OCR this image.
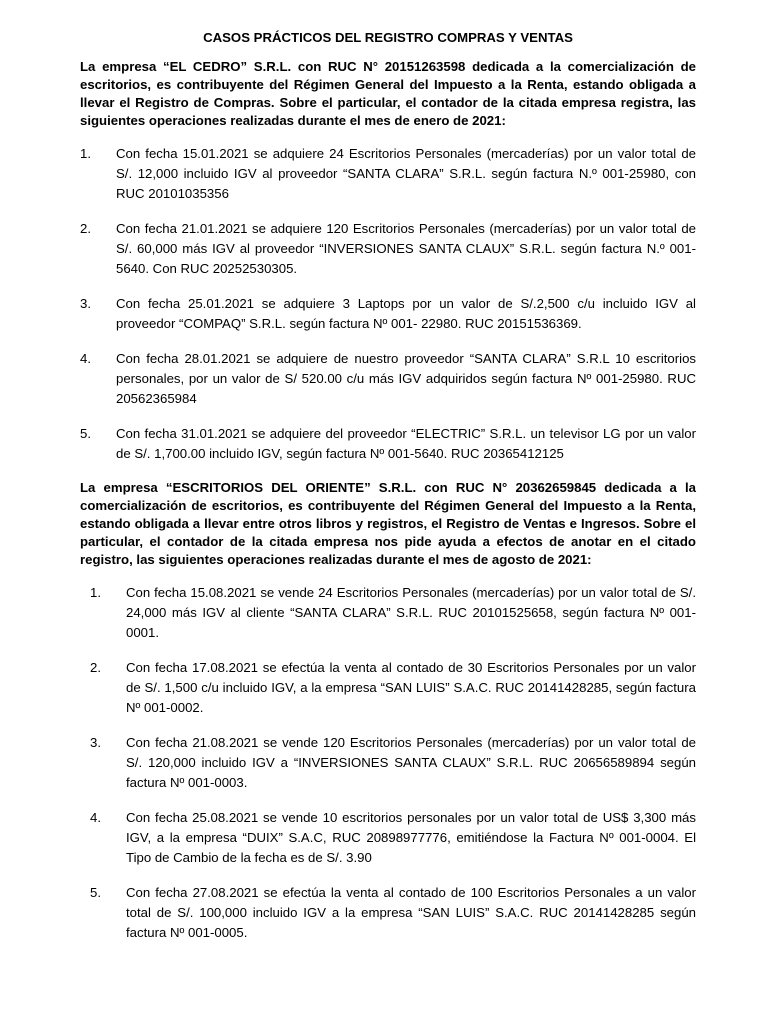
CASOS PRÁCTICOS DEL REGISTRO COMPRAS Y VENTAS

La empresa “EL CEDRO” S.R.L. con RUC N° 20151263598 dedicada a la comercialización de escritorios, es contribuyente del Régimen General del Impuesto a la Renta, estando obligada a llevar el Registro de Compras. Sobre el particular, el contador de la citada empresa registra, las siguientes operaciones realizadas durante el mes de enero de 2021:

1.	Con fecha 15.01.2021 se adquiere 24 Escritorios Personales (mercaderías) por un valor total de S/. 12,000 incluido IGV al proveedor “SANTA CLARA” S.R.L. según factura N.º 001-25980, con RUC 20101035356
2.	Con fecha 21.01.2021 se adquiere 120 Escritorios Personales (mercaderías) por un valor total de S/. 60,000 más IGV al proveedor “INVERSIONES SANTA CLAUX” S.R.L. según factura N.º 001-5640. Con RUC 20252530305.
3.	Con fecha 25.01.2021 se adquiere 3 Laptops por un valor de S/.2,500 c/u incluido IGV al proveedor “COMPAQ” S.R.L. según factura Nº 001- 22980. RUC 20151536369.
4.	Con fecha 28.01.2021 se adquiere de nuestro proveedor “SANTA CLARA” S.R.L 10 escritorios personales, por un valor de S/ 520.00 c/u más IGV adquiridos según factura Nº 001-25980. RUC 20562365984
5.	Con fecha 31.01.2021 se adquiere del proveedor “ELECTRIC” S.R.L. un televisor LG por un valor de S/. 1,700.00 incluido IGV, según factura Nº 001-5640. RUC 20365412125

La empresa “ESCRITORIOS DEL ORIENTE” S.R.L. con RUC N° 20362659845 dedicada a la comercialización de escritorios, es contribuyente del Régimen General del Impuesto a la Renta, estando obligada a llevar entre otros libros y registros, el Registro de Ventas e Ingresos. Sobre el particular, el contador de la citada empresa nos pide ayuda a efectos de anotar en el citado registro, las siguientes operaciones realizadas durante el mes de agosto de 2021:

1.	Con fecha 15.08.2021 se vende 24 Escritorios Personales (mercaderías) por un valor total de S/. 24,000 más IGV al cliente “SANTA CLARA” S.R.L. RUC 20101525658, según factura Nº 001-0001.
2.	Con fecha 17.08.2021 se efectúa la venta al contado de 30 Escritorios Personales por un valor de S/. 1,500 c/u incluido IGV, a la empresa “SAN LUIS” S.A.C. RUC 20141428285, según factura Nº 001-0002.
3.	Con fecha 21.08.2021 se vende 120 Escritorios Personales (mercaderías) por un valor total de S/. 120,000 incluido IGV a “INVERSIONES SANTA CLAUX” S.R.L. RUC 20656589894 según factura Nº 001-0003.
4.	Con fecha 25.08.2021 se vende 10 escritorios personales por un valor total de US$ 3,300 más IGV, a la empresa “DUIX” S.A.C, RUC 20898977776, emitiéndose la Factura Nº 001-0004. El Tipo de Cambio de la fecha es de S/. 3.90
5.	Con fecha 27.08.2021 se efectúa la venta al contado de 100 Escritorios Personales a un valor total de S/. 100,000 incluido IGV a la empresa “SAN LUIS” S.A.C. RUC 20141428285 según factura Nº 001-0005.
